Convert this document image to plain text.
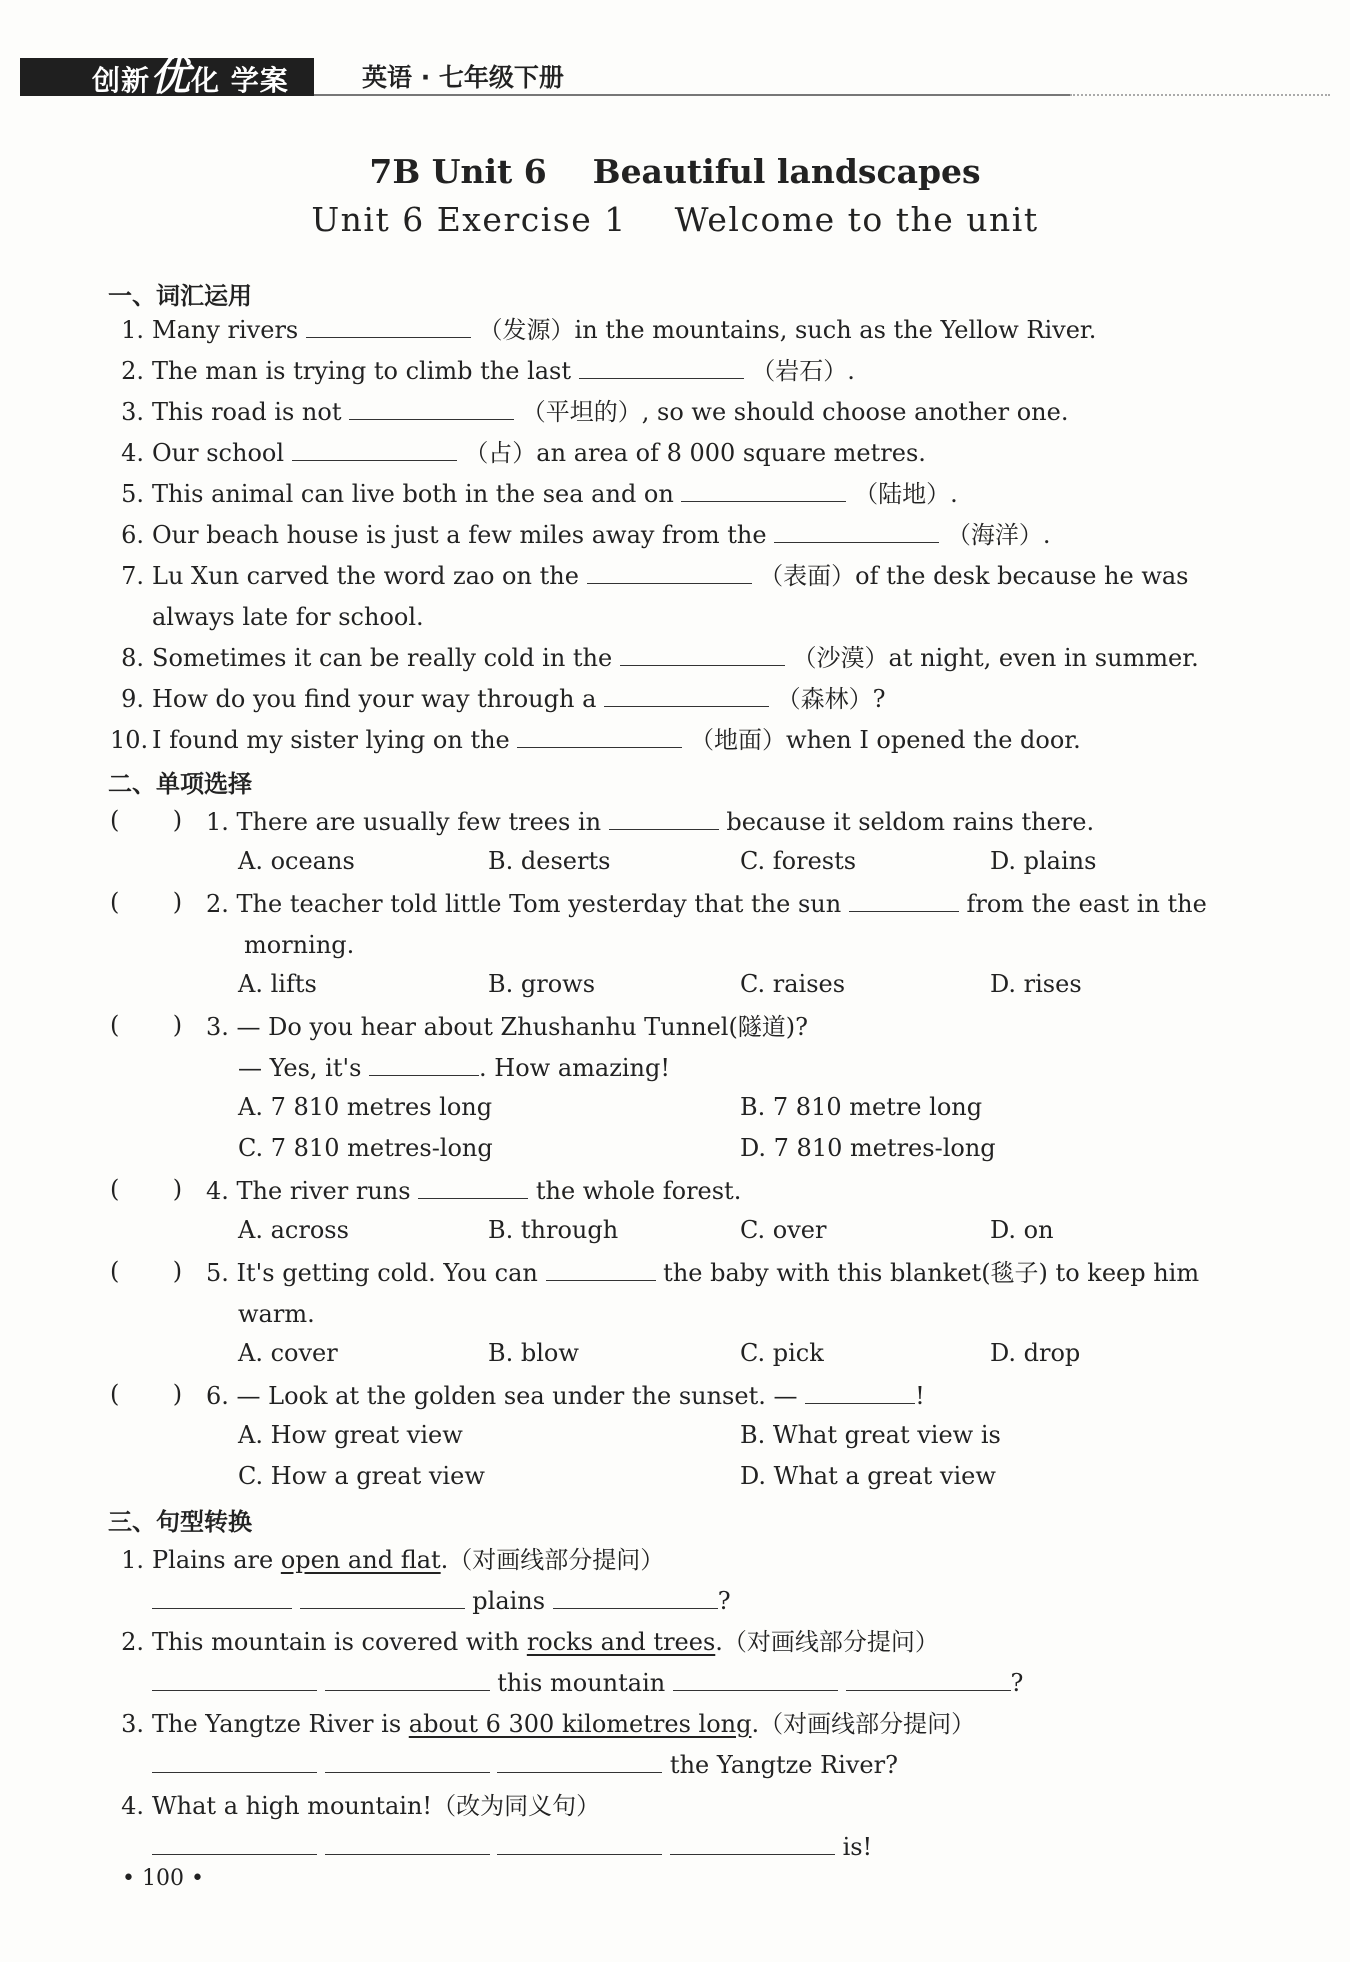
创新优化 学案	英语 · 七年级下册
7B Unit 6    Beautiful landscapes
Unit 6 Exercise 1    Welcome to the unit
一、词汇运用
1. Many rivers	（发源）in the mountains, such as the Yellow River.
2. The man is trying to climb the last	（岩石）.
3. This road is not	（平坦的）, so we should choose another one.
4. Our school	（占）an area of 8 000 square metres.
5. This animal can live both in the sea and on	（陆地）.
6. Our beach house is just a few miles away from the	（海洋）.
7. Lu Xun carved the word zao on the	（表面）of the desk because he was
always late for school.
8. Sometimes it can be really cold in the	（沙漠）at night, even in summer.
9. How do you find your way through a	（森林）?
10. I found my sister lying on the	（地面）when I opened the door.
二、单项选择
(       ) 1. There are usually few trees in	because it seldom rains there.
A. oceans	B. deserts	C. forests	D. plains
(       ) 2. The teacher told little Tom yesterday that the sun	from the east in the
morning.
A. lifts	B. grows	C. raises	D. rises
(       ) 3. — Do you hear about Zhushanhu Tunnel(隧道)?
— Yes, it's	. How amazing!
A. 7 810 metres long	B. 7 810 metre long
C. 7 810 metres-long	D. 7 810 metres-long
(       ) 4. The river runs	the whole forest.
A. across	B. through	C. over	D. on
(       ) 5. It's getting cold. You can	the baby with this blanket(毯子) to keep him
warm.
A. cover	B. blow	C. pick	D. drop
(       ) 6. — Look at the golden sea under the sunset. —	!
A. How great view	B. What great view is
C. How a great view	D. What a great view
三、句型转换
1. Plains are open and flat.（对画线部分提问）
plains	?
2. This mountain is covered with rocks and trees.（对画线部分提问）
this mountain	?
3. The Yangtze River is about 6 300 kilometres long.（对画线部分提问）
the Yangtze River?
4. What a high mountain!（改为同义句）
is!
• 100 •
